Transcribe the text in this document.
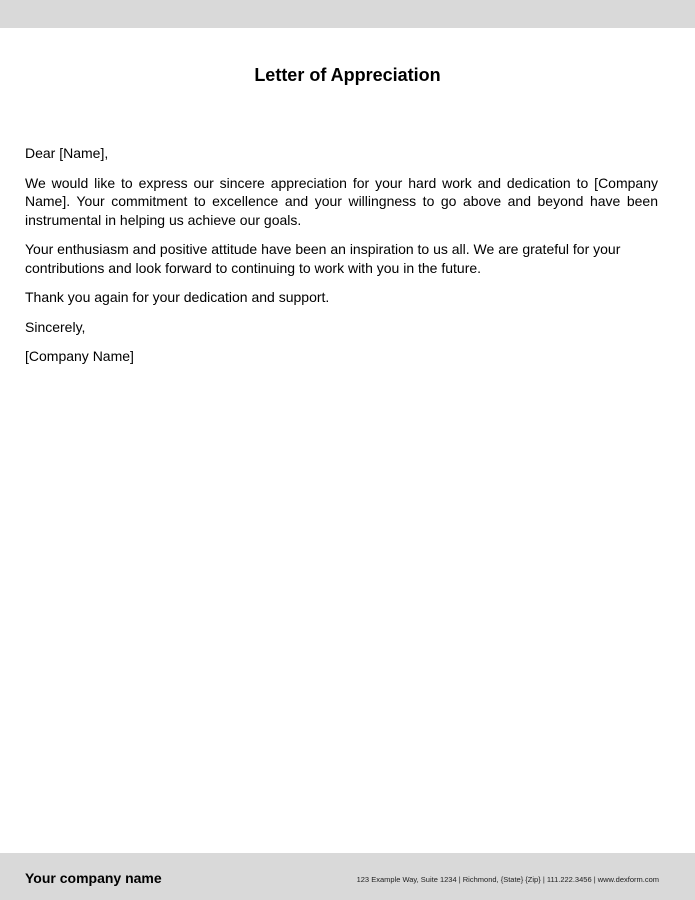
Letter of Appreciation

Dear [Name],

We would like to express our sincere appreciation for your hard work and dedication to [Company Name]. Your commitment to excellence and your willingness to go above and beyond have been instrumental in helping us achieve our goals.

Your enthusiasm and positive attitude have been an inspiration to us all. We are grateful for your contributions and look forward to continuing to work with you in the future.

Thank you again for your dedication and support.

Sincerely,

[Company Name]

Your company name	123 Example Way, Suite 1234 | Richmond, {State} {Zip} | 111.222.3456 | www.dexform.com
